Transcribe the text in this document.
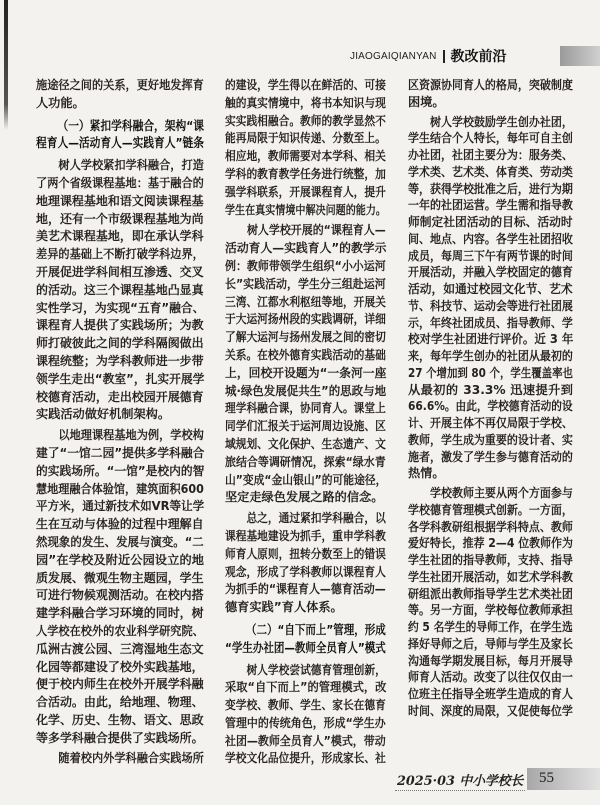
JIAOGAIQIANYAN 教改前沿
施途径之间的关系，更好地发挥育
人功能。
（一）紧扣学科融合，架构“课
程育人—活动育人—实践育人”链条
树人学校紧扣学科融合，打造
了两个省级课程基地：基于融合的
地理课程基地和语文阅读课程基
地，还有一个市级课程基地为尚
美艺术课程基地，即在承认学科
差异的基础上不断打破学科边界，
开展促进学科间相互渗透、交叉
的活动。这三个课程基地凸显真
实性学习，为实现“五育”融合、
课程育人提供了实践场所；为教
师打破彼此之间的学科隔阂做出
课程统整；为学科教师进一步带
领学生走出“教室”，扎实开展学
校德育活动，走出校园开展德育
实践活动做好机制架构。
以地理课程基地为例，学校构
建了“一馆二园”提供多学科融合
的实践场所。“一馆”是校内的智
慧地理融合体验馆，建筑面积600
平方米，通过新技术如VR等让学
生在互动与体验的过程中理解自
然现象的发生、发展与演变。“二
园”在学校及附近公园设立的地
质发展、微观生物主题园，学生
可进行物候观测活动。在校内搭
建学科融合学习环境的同时，树
人学校在校外的农业科学研究院、
瓜洲古渡公园、三湾湿地生态文
化园等都建设了校外实践基地，
便于校内师生在校外开展学科融
合活动。由此，给地理、物理、
化学、历史、生物、语文、思政
等多学科融合提供了实践场所。
随着校内外学科融合实践场所
的建设，学生得以在鲜活的、可接
触的真实情境中，将书本知识与现
实实践相融合。教师的教学显然不
能再局限于知识传递、分数至上。
相应地，教师需要对本学科、相关
学科的教育教学任务进行统整，加
强学科联系，开展课程育人，提升
学生在真实情境中解决问题的能力。
树人学校开展的“课程育人—
活动育人—实践育人”的教学示
例：教师带领学生组织“小小运河
长”实践活动，学生分三组赴运河
三湾、江都水利枢纽等地，开展关
于大运河扬州段的实践调研，详细
了解大运河与扬州发展之间的密切
关系。在校外德育实践活动的基础
上，回校开设题为“一条河一座
城·绿色发展促共生”的思政与地
理学科融合课，协同育人。课堂上
同学们汇报关于运河周边设施、区
域规划、文化保护、生态遗产、文
旅结合等调研情况，探索“绿水青
山”变成“金山银山”的可能途径，
坚定走绿色发展之路的信念。
总之，通过紧扣学科融合，以
课程基地建设为抓手，重申学科教
师育人原则，扭转分数至上的错误
观念，形成了学科教师以课程育人
为抓手的“课程育人—德育活动—
德育实践”育人体系。
（二）“自下而上”管理，形成
“学生办社团—教师全员育人”模式
树人学校尝试德育管理创新，
采取“自下而上”的管理模式，改
变学校、教师、学生、家长在德育
管理中的传统角色，形成“学生办
社团—教师全员育人”模式，带动
学校文化品位提升，形成家长、社
区资源协同育人的格局，突破制度
困境。
树人学校鼓励学生创办社团，
学生结合个人特长，每年可自主创
办社团，社团主要分为：服务类、
学术类、艺术类、体育类、劳动类
等，获得学校批准之后，进行为期
一年的社团运营。学生需和指导教
师制定社团活动的目标、活动时
间、地点、内容。各学生社团招收
成员，每周三下午有两节课的时间
开展活动，并融入学校固定的德育
活动，如通过校园文化节、艺术
节、科技节、运动会等进行社团展
示，年终社团成员、指导教师、学
校对学生社团进行评价。近 3 年
来，每年学生创办的社团从最初的
27 个增加到 80 个，学生覆盖率也
从最初的 33.3% 迅速提升到
66.6%。由此，学校德育活动的设
计、开展主体不再仅局限于学校、
教师，学生成为重要的设计者、实
施者，激发了学生参与德育活动的
热情。
学校教师主要从两个方面参与
学校德育管理模式创新。一方面，
各学科教研组根据学科特点、教师
爱好特长，推荐 2—4 位教师作为
学生社团的指导教师，支持、指导
学生社团开展活动，如艺术学科教
研组派出教师指导学生艺术类社团
等。另一方面，学校每位教师承担
约 5 名学生的导师工作，在学生选
择好导师之后，导师与学生及家长
沟通每学期发展目标，每月开展导
师育人活动。改变了以往仅仅由一
位班主任指导全班学生造成的育人
时间、深度的局限，又促使每位学
55
2025·03 中小学校长
